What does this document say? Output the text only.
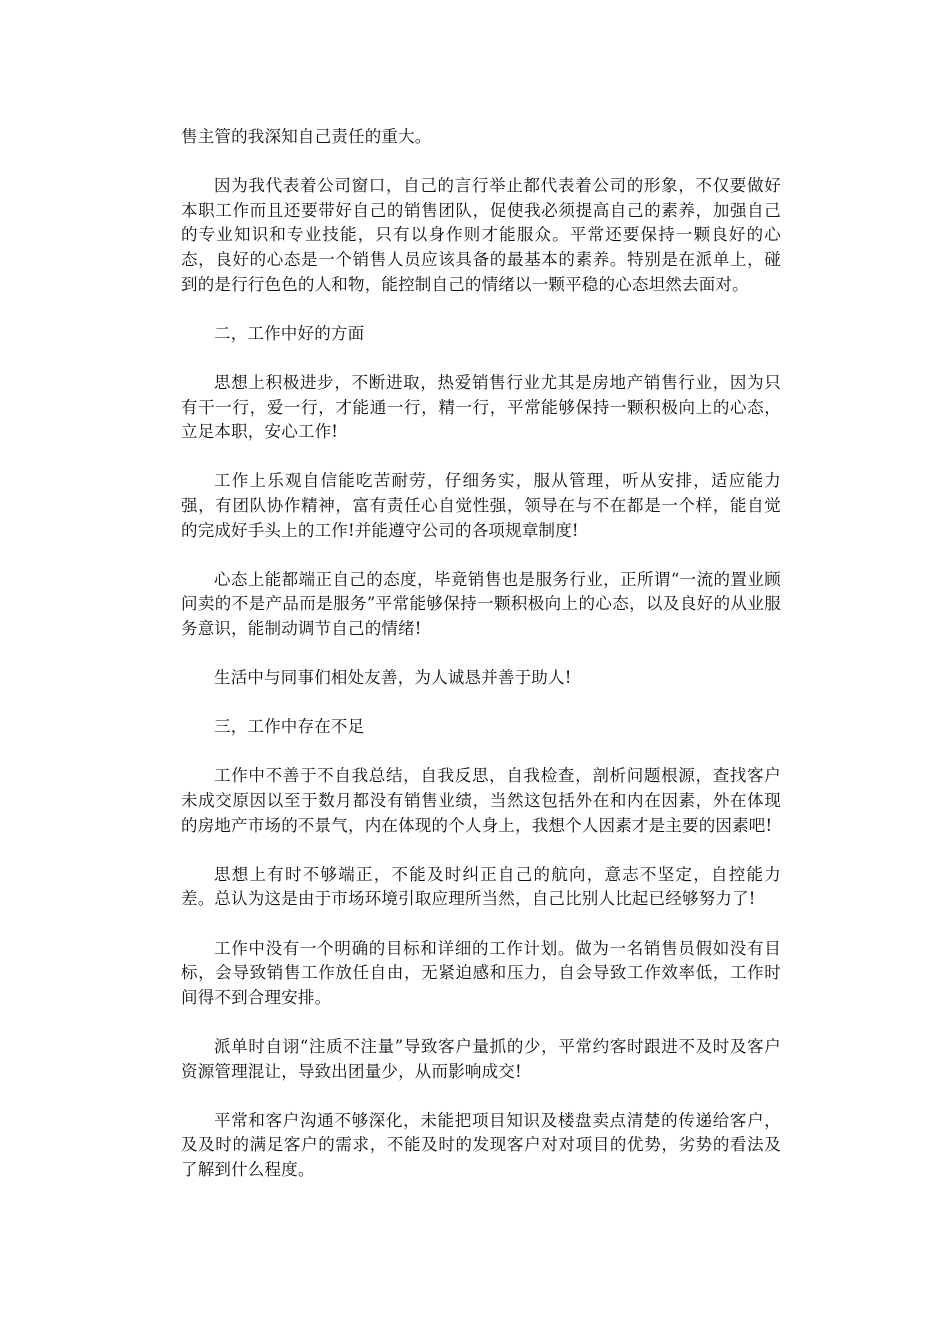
售主管的我深知自己责任的重大。

因为我代表着公司窗口，自己的言行举止都代表着公司的形象，不仅要做好本职工作而且还要带好自己的销售团队，促使我必须提高自己的素养，加强自己的专业知识和专业技能，只有以身作则才能服众。平常还要保持一颗良好的心态，良好的心态是一个销售人员应该具备的最基本的素养。特别是在派单上，碰到的是行行色色的人和物，能控制自己的情绪以一颗平稳的心态坦然去面对。

二，工作中好的方面

思想上积极进步，不断进取，热爱销售行业尤其是房地产销售行业，因为只有干一行，爱一行，才能通一行，精一行，平常能够保持一颗积极向上的心态，立足本职，安心工作!

工作上乐观自信能吃苦耐劳，仔细务实，服从管理，听从安排，适应能力强，有团队协作精神，富有责任心自觉性强，领导在与不在都是一个样，能自觉的完成好手头上的工作!并能遵守公司的各项规章制度!

心态上能都端正自己的态度，毕竟销售也是服务行业，正所谓“一流的置业顾问卖的不是产品而是服务”平常能够保持一颗积极向上的心态，以及良好的从业服务意识，能制动调节自己的情绪!

生活中与同事们相处友善，为人诚恳并善于助人!

三，工作中存在不足

工作中不善于不自我总结，自我反思，自我检查，剖析问题根源，查找客户未成交原因以至于数月都没有销售业绩，当然这包括外在和内在因素，外在体现的房地产市场的不景气，内在体现的个人身上，我想个人因素才是主要的因素吧!

思想上有时不够端正，不能及时纠正自己的航向，意志不坚定，自控能力差。总认为这是由于市场环境引取应理所当然，自己比别人比起已经够努力了!

工作中没有一个明确的目标和详细的工作计划。做为一名销售员假如没有目标，会导致销售工作放任自由，无紧迫感和压力，自会导致工作效率低，工作时间得不到合理安排。

派单时自诩“注质不注量”导致客户量抓的少，平常约客时跟进不及时及客户资源管理混让，导致出团量少，从而影响成交!

平常和客户沟通不够深化，未能把项目知识及楼盘卖点清楚的传递给客户，及及时的满足客户的需求，不能及时的发现客户对对项目的优势，劣势的看法及了解到什么程度。
